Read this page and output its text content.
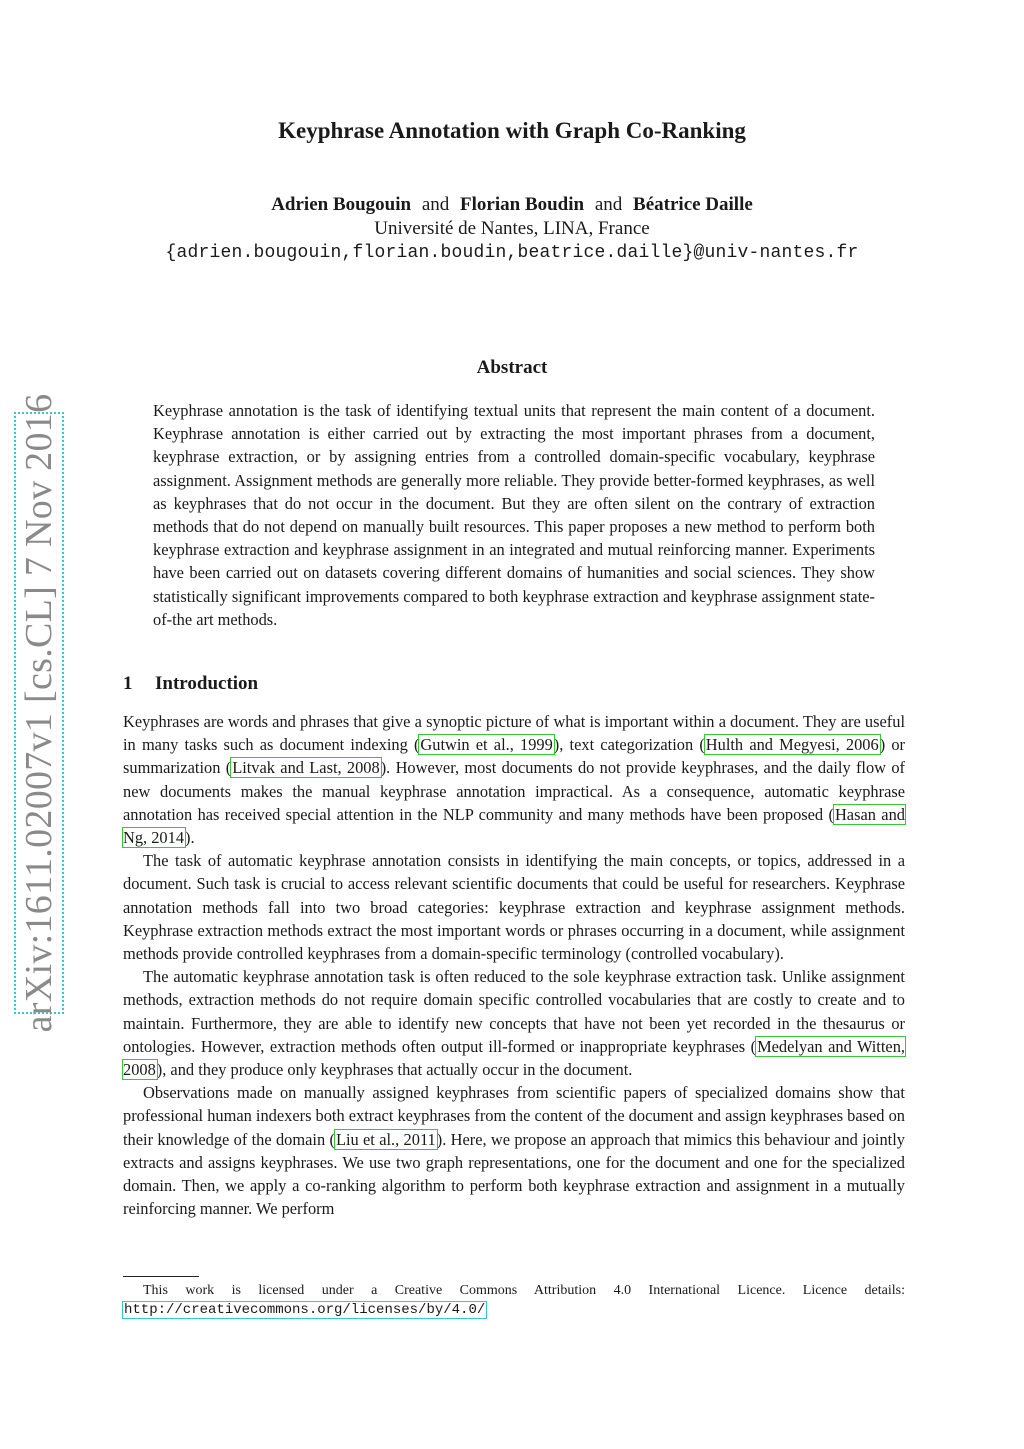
arXiv:1611.02007v1 [cs.CL] 7 Nov 2016
Keyphrase Annotation with Graph Co-Ranking
Adrien Bougouin and Florian Boudin and Béatrice Daille
Université de Nantes, LINA, France
{adrien.bougouin,florian.boudin,beatrice.daille}@univ-nantes.fr
Abstract

Keyphrase annotation is the task of identifying textual units that represent the main content of a document. Keyphrase annotation is either carried out by extracting the most important phrases from a document, keyphrase extraction, or by assigning entries from a controlled domain-specific vocabulary, keyphrase assignment. Assignment methods are generally more reliable. They provide better-formed keyphrases, as well as keyphrases that do not occur in the document. But they are often silent on the contrary of extraction methods that do not depend on manually built resources. This paper proposes a new method to perform both keyphrase extraction and keyphrase assignment in an integrated and mutual reinforcing manner. Experiments have been carried out on datasets covering different domains of humanities and social sciences. They show statistically significant improvements compared to both keyphrase extraction and keyphrase assignment state-of-the art methods.

1 Introduction

Keyphrases are words and phrases that give a synoptic picture of what is important within a document. They are useful in many tasks such as document indexing (Gutwin et al., 1999), text categorization (Hulth and Megyesi, 2006) or summarization (Litvak and Last, 2008). However, most documents do not provide keyphrases, and the daily flow of new documents makes the manual keyphrase annotation impractical. As a consequence, automatic keyphrase annotation has received special attention in the NLP community and many methods have been proposed (Hasan and Ng, 2014).

The task of automatic keyphrase annotation consists in identifying the main concepts, or topics, addressed in a document. Such task is crucial to access relevant scientific documents that could be useful for researchers. Keyphrase annotation methods fall into two broad categories: keyphrase extraction and keyphrase assignment methods. Keyphrase extraction methods extract the most important words or phrases occurring in a document, while assignment methods provide controlled keyphrases from a domain-specific terminology (controlled vocabulary).

The automatic keyphrase annotation task is often reduced to the sole keyphrase extraction task. Unlike assignment methods, extraction methods do not require domain specific controlled vocabularies that are costly to create and to maintain. Furthermore, they are able to identify new concepts that have not been yet recorded in the thesaurus or ontologies. However, extraction methods often output ill-formed or inappropriate keyphrases (Medelyan and Witten, 2008), and they produce only keyphrases that actually occur in the document.

Observations made on manually assigned keyphrases from scientific papers of specialized domains show that professional human indexers both extract keyphrases from the content of the document and assign keyphrases based on their knowledge of the domain (Liu et al., 2011). Here, we propose an approach that mimics this behaviour and jointly extracts and assigns keyphrases. We use two graph representations, one for the document and one for the specialized domain. Then, we apply a co-ranking algorithm to perform both keyphrase extraction and assignment in a mutually reinforcing manner. We perform

This work is licensed under a Creative Commons Attribution 4.0 International Licence. Licence details:
http://creativecommons.org/licenses/by/4.0/
